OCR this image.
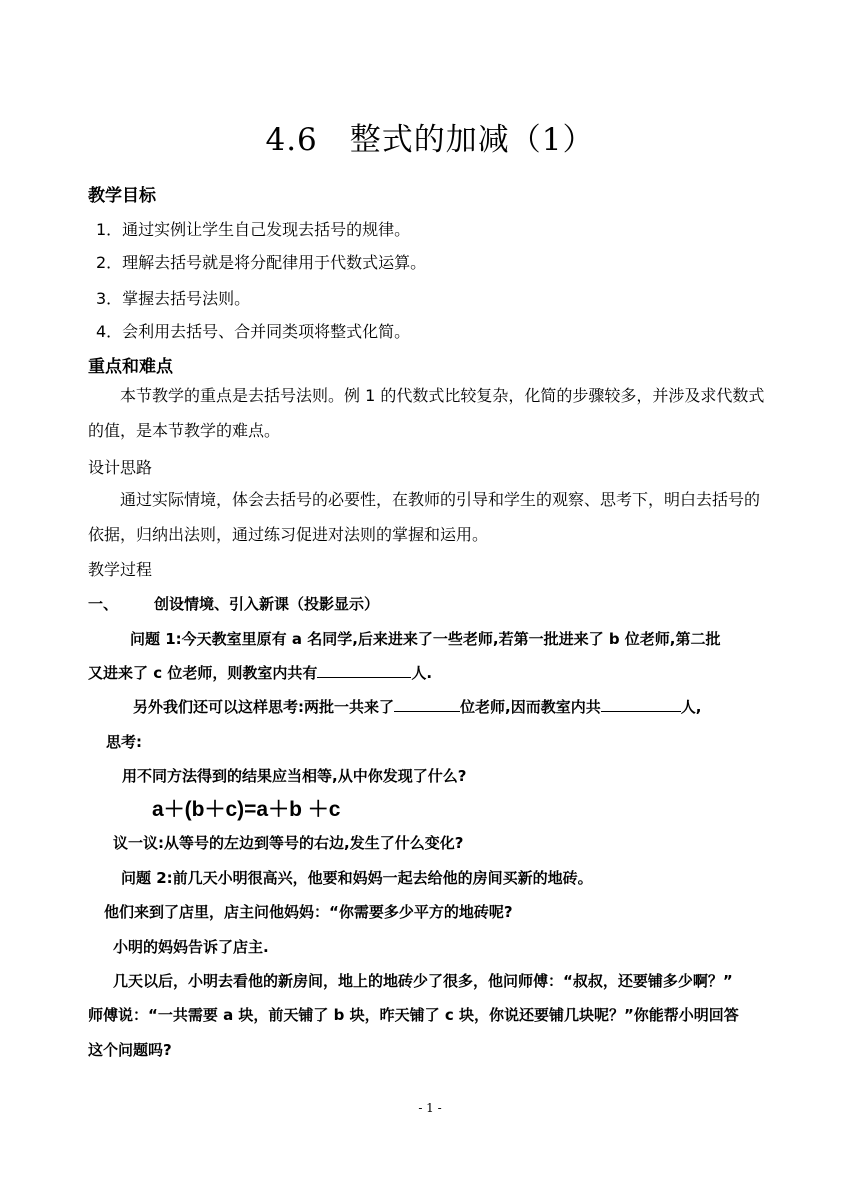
4.6　整式的加减（1）
教学目标
1．通过实例让学生自己发现去括号的规律。
2．理解去括号就是将分配律用于代数式运算。
3．掌握去括号法则。
4．会利用去括号、合并同类项将整式化简。
重点和难点
本节教学的重点是去括号法则。例 1 的代数式比较复杂，化简的步骤较多，并涉及求代数式的值，是本节教学的难点。
设计思路
通过实际情境，体会去括号的必要性，在教师的引导和学生的观察、思考下，明白去括号的依据，归纳出法则，通过练习促进对法则的掌握和运用。
教学过程
一、 创设情境、引入新课（投影显示）
问题 1:今天教室里原有 a 名同学,后来进来了一些老师,若第一批进来了 b 位老师,第二批
又进来了 c 位老师，则教室内共有	人.
另外我们还可以这样思考:两批一共来了	位老师,因而教室内共	人,
思考:
用不同方法得到的结果应当相等,从中你发现了什么?
a＋(b＋c)=a＋b ＋c
议一议:从等号的左边到等号的右边,发生了什么变化?
问题 2:前几天小明很高兴，他要和妈妈一起去给他的房间买新的地砖。
他们来到了店里，店主问他妈妈：“你需要多少平方的地砖呢?
小明的妈妈告诉了店主.
几天以后，小明去看他的新房间，地上的地砖少了很多，他问师傅：“叔叔，还要铺多少啊？”
师傅说：“一共需要 a 块，前天铺了 b 块，昨天铺了 c 块，你说还要铺几块呢？”你能帮小明回答
这个问题吗?
- 1 -
